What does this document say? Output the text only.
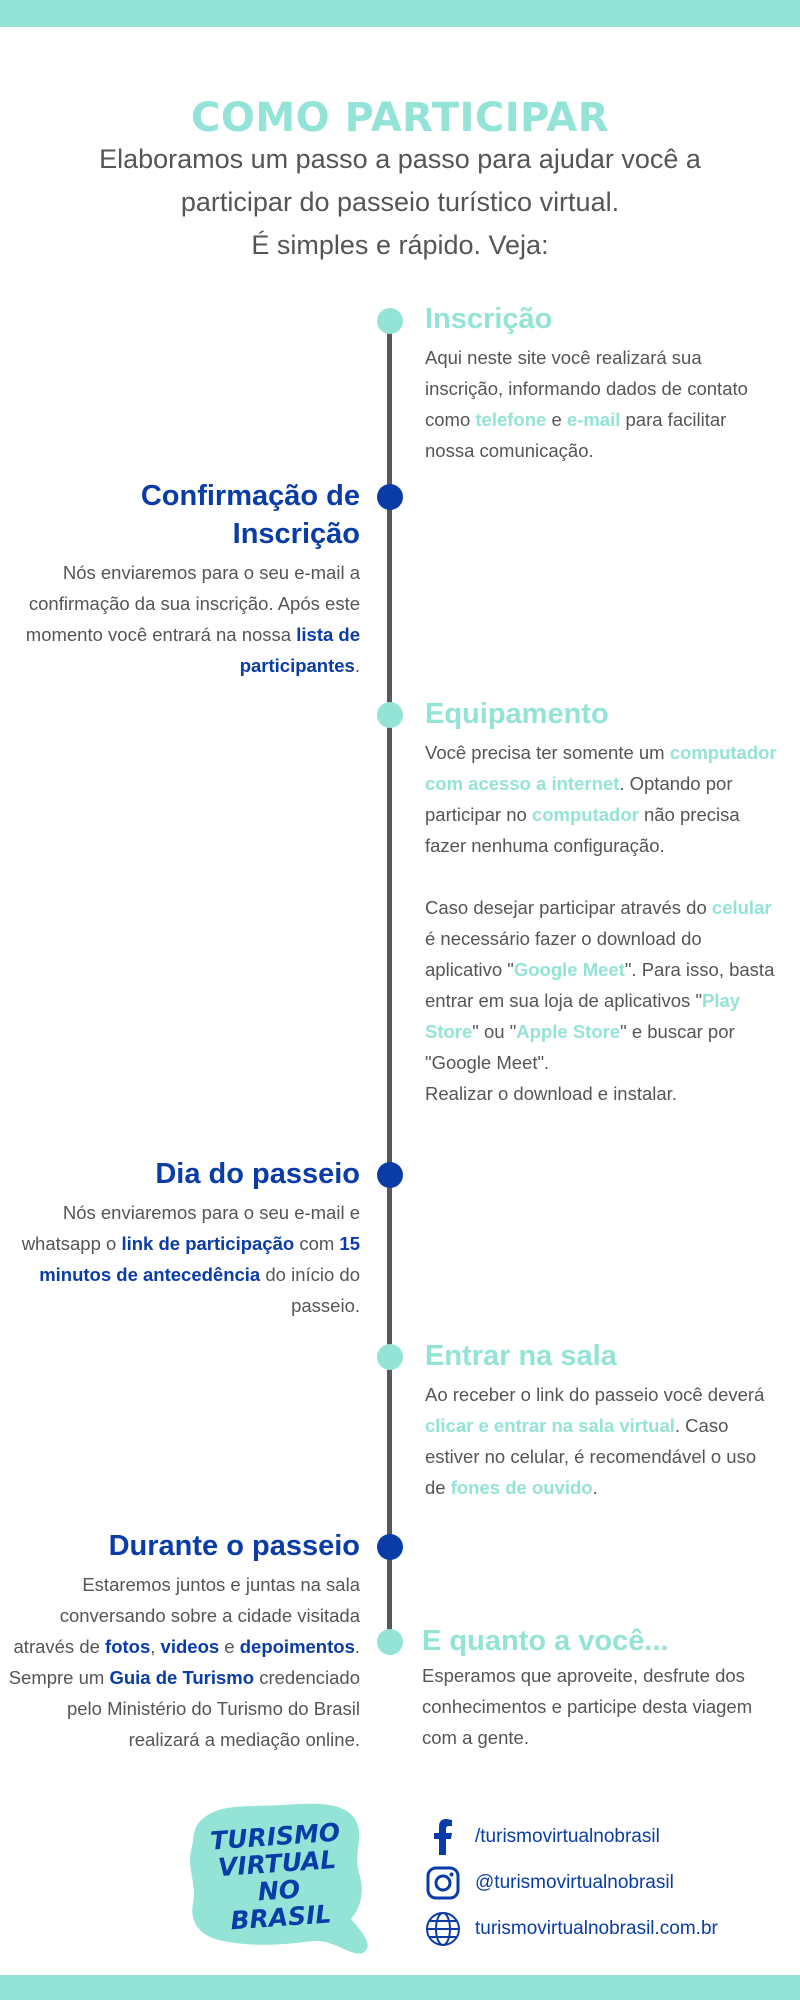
COMO PARTICIPAR
Elaboramos um passo a passo para ajudar você a
participar do passeio turístico virtual.
É simples e rápido. Veja:
Inscrição
Aqui neste site você realizará sua inscrição, informando dados de contato como telefone e e-mail para facilitar nossa comunicação.
Confirmação de
Inscrição
Nós enviaremos para o seu e-mail a confirmação da sua inscrição. Após este momento você entrará na nossa lista de participantes.
Equipamento
Você precisa ter somente um computador com acesso a internet. Optando por participar no computador não precisa fazer nenhuma configuração.
Caso desejar participar através do celular é necessário fazer o download do aplicativo "Google Meet". Para isso, basta entrar em sua loja de aplicativos "Play Store" ou "Apple Store" e buscar por "Google Meet".
Realizar o download e instalar.
Dia do passeio
Nós enviaremos para o seu e-mail e whatsapp o link de participação com 15 minutos de antecedência do início do passeio.
Entrar na sala
Ao receber o link do passeio você deverá clicar e entrar na sala virtual. Caso estiver no celular, é recomendável o uso de fones de ouvido.
Durante o passeio
Estaremos juntos e juntas na sala conversando sobre a cidade visitada através de fotos, videos e depoimentos. Sempre um Guia de Turismo credenciado pelo Ministério do Turismo do Brasil realizará a mediação online.
E quanto a você...
Esperamos que aproveite, desfrute dos conhecimentos e participe desta viagem com a gente.
TURISMO
VIRTUAL
NO
BRASIL
/turismovirtualnobrasil
@turismovirtualnobrasil
turismovirtualnobrasil.com.br
